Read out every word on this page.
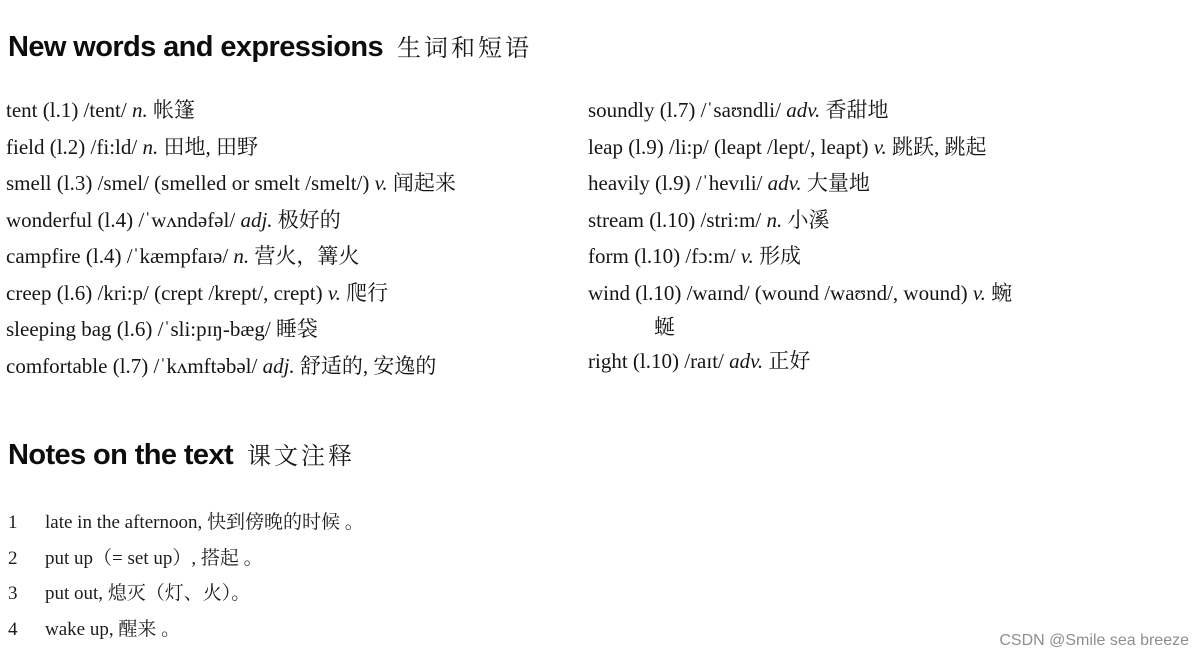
New words and expressions 生词和短语
tent (l.1) /tent/ n. 帐篷
field (l.2) /fi:ld/ n. 田地, 田野
smell (l.3) /smel/ (smelled or smelt /smelt/) v. 闻起来
wonderful (l.4) /ˈwʌndəfəl/ adj. 极好的
campfire (l.4) /ˈkæmpfaɪə/ n. 营火，篝火
creep (l.6) /kri:p/ (crept /krept/, crept) v. 爬行
sleeping bag (l.6) /ˈsli:pɪŋ-bæg/ 睡袋
comfortable (l.7) /ˈkʌmftəbəl/ adj. 舒适的, 安逸的
soundly (l.7) /ˈsaʊndli/ adv. 香甜地
leap (l.9) /li:p/ (leapt /lept/, leapt) v. 跳跃, 跳起
heavily (l.9) /ˈhevɪli/ adv. 大量地
stream (l.10) /stri:m/ n. 小溪
form (l.10) /fɔ:m/ v. 形成
wind (l.10) /waɪnd/ (wound /waʊnd/, wound) v. 蜿
蜒
right (l.10) /raɪt/ adv. 正好
Notes on the text 课文注释
1	late in the afternoon, 快到傍晚的时候 。
2	put up（= set up）, 搭起 。
3	put out, 熄灭（灯、火）。
4	wake up, 醒来 。
CSDN @Smile sea breeze
